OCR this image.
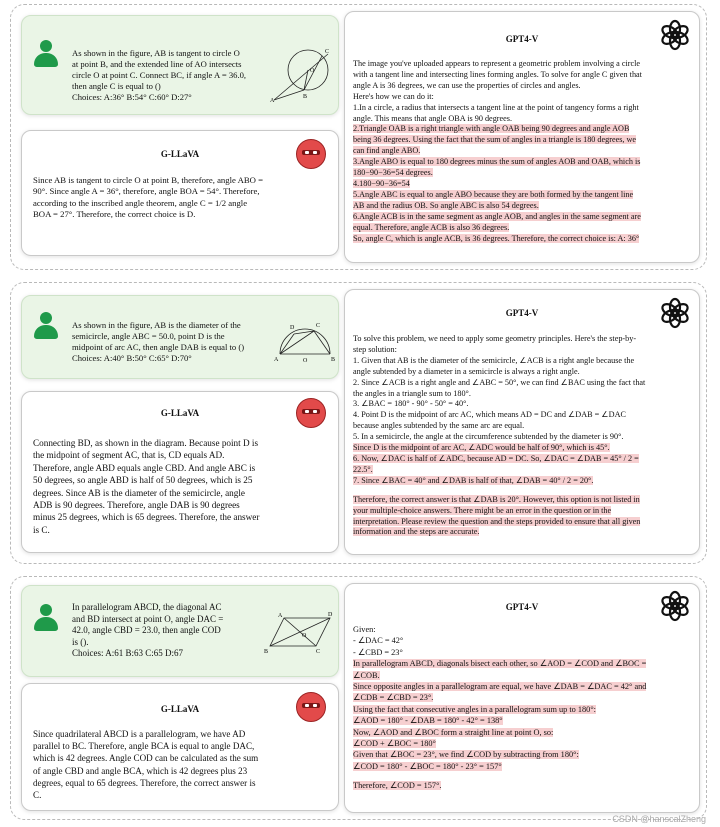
As shown in the figure, AB is tangent to circle O
at point B, and the extended line of AO intersects
circle O at point C. Connect BC, if angle A = 36.0,
then angle C is equal to ()
Choices: A:36° B:54° C:60° D:27°
C
O
A
B
G-LLaVA
Since AB is tangent to circle O at point B, therefore, angle ABO =
90°. Since angle A = 36°, therefore, angle BOA = 54°. Therefore,
according to the inscribed angle theorem, angle C = 1/2 angle
BOA = 27°. Therefore, the correct choice is D.
GPT4-V
The image you've uploaded appears to represent a geometric problem involving a circle
with a tangent line and intersecting lines forming angles. To solve for angle C given that
angle A is 36 degrees, we can use the properties of circles and angles.
Here's how we can do it:
1.In a circle, a radius that intersects a tangent line at the point of tangency forms a right
angle. This means that angle OBA is 90 degrees.
2.Triangle OAB is a right triangle with angle OAB being 90 degrees and angle AOB
being 36 degrees. Using the fact that the sum of angles in a triangle is 180 degrees, we
can find angle ABO.
3.Angle ABO is equal to 180 degrees minus the sum of angles AOB and OAB, which is
180−90−36=54 degrees.
4.180−90−36=54
5.Angle ABC is equal to angle ABO because they are both formed by the tangent line
AB and the radius OB. So angle ABC is also 54 degrees.
6.Angle ACB is in the same segment as angle AOB, and angles in the same segment are
equal. Therefore, angle ACB is also 36 degrees.
So, angle C, which is angle ACB, is 36 degrees. Therefore, the correct choice is: A: 36°
As shown in the figure, AB is the diameter of the
semicircle, angle ABC = 50.0, point D is the
midpoint of arc AC, then angle DAB is equal to ()
Choices: A:40° B:50° C:65° D:70°
D	C
A	O	B
G-LLaVA
Connecting BD, as shown in the diagram. Because point D is
the midpoint of segment AC, that is, CD equals AD.
Therefore, angle ABD equals angle CBD. And angle ABC is
50 degrees, so angle ABD is half of 50 degrees, which is 25
degrees. Since AB is the diameter of the semicircle, angle
ADB is 90 degrees. Therefore, angle DAB is 90 degrees
minus 25 degrees, which is 65 degrees. Therefore, the answer
is C.
GPT4-V
To solve this problem, we need to apply some geometry principles. Here's the step-by-
step solution:
1. Given that AB is the diameter of the semicircle, ∠ACB is a right angle because the
angle subtended by a diameter in a semicircle is always a right angle.
2. Since ∠ACB is a right angle and ∠ABC = 50°, we can find ∠BAC using the fact that
the angles in a triangle sum to 180°.
3. ∠BAC = 180° - 90° - 50° = 40°.
4. Point D is the midpoint of arc AC, which means AD = DC and ∠DAB = ∠DAC
because angles subtended by the same arc are equal.
5. In a semicircle, the angle at the circumference subtended by the diameter is 90°.
Since D is the midpoint of arc AC, ∠ADC would be half of 90°, which is 45°.
6. Now, ∠DAC is half of ∠ADC, because AD = DC. So, ∠DAC = ∠DAB = 45° / 2 =
22.5°.
7. Since ∠BAC = 40° and ∠DAB is half of that, ∠DAB = 40° / 2 = 20°.
Therefore, the correct answer is that ∠DAB is 20°. However, this option is not listed in
your multiple-choice answers. There might be an error in the question or in the
interpretation. Please review the question and the steps provided to ensure that all given
information and the steps are accurate.
In parallelogram ABCD, the diagonal AC
and BD intersect at point O, angle DAC =
42.0, angle CBD = 23.0, then angle COD
is ().
Choices: A:61 B:63 C:65 D:67
A	D
O
B	C
G-LLaVA
Since quadrilateral ABCD is a parallelogram, we have AD
parallel to BC. Therefore, angle BCA is equal to angle DAC,
which is 42 degrees. Angle COD can be calculated as the sum
of angle CBD and angle BCA, which is 42 degrees plus 23
degrees, equal to 65 degrees. Therefore, the correct answer is
C.
GPT4-V
Given:
- ∠DAC = 42°
- ∠CBD = 23°
In parallelogram ABCD, diagonals bisect each other, so ∠AOD = ∠COD and ∠BOC =
∠COB.
Since opposite angles in a parallelogram are equal, we have ∠DAB = ∠DAC = 42° and
∠CDB = ∠CBD = 23°.
Using the fact that consecutive angles in a parallelogram sum up to 180°:
∠AOD = 180° - ∠DAB = 180° - 42° = 138°
Now, ∠AOD and ∠BOC form a straight line at point O, so:
∠COD + ∠BOC = 180°
Given that ∠BOC = 23°, we find ∠COD by subtracting from 180°:
∠COD = 180° - ∠BOC = 180° - 23° = 157°
Therefore, ∠COD = 157°.
CSDN @hanscalZheng
